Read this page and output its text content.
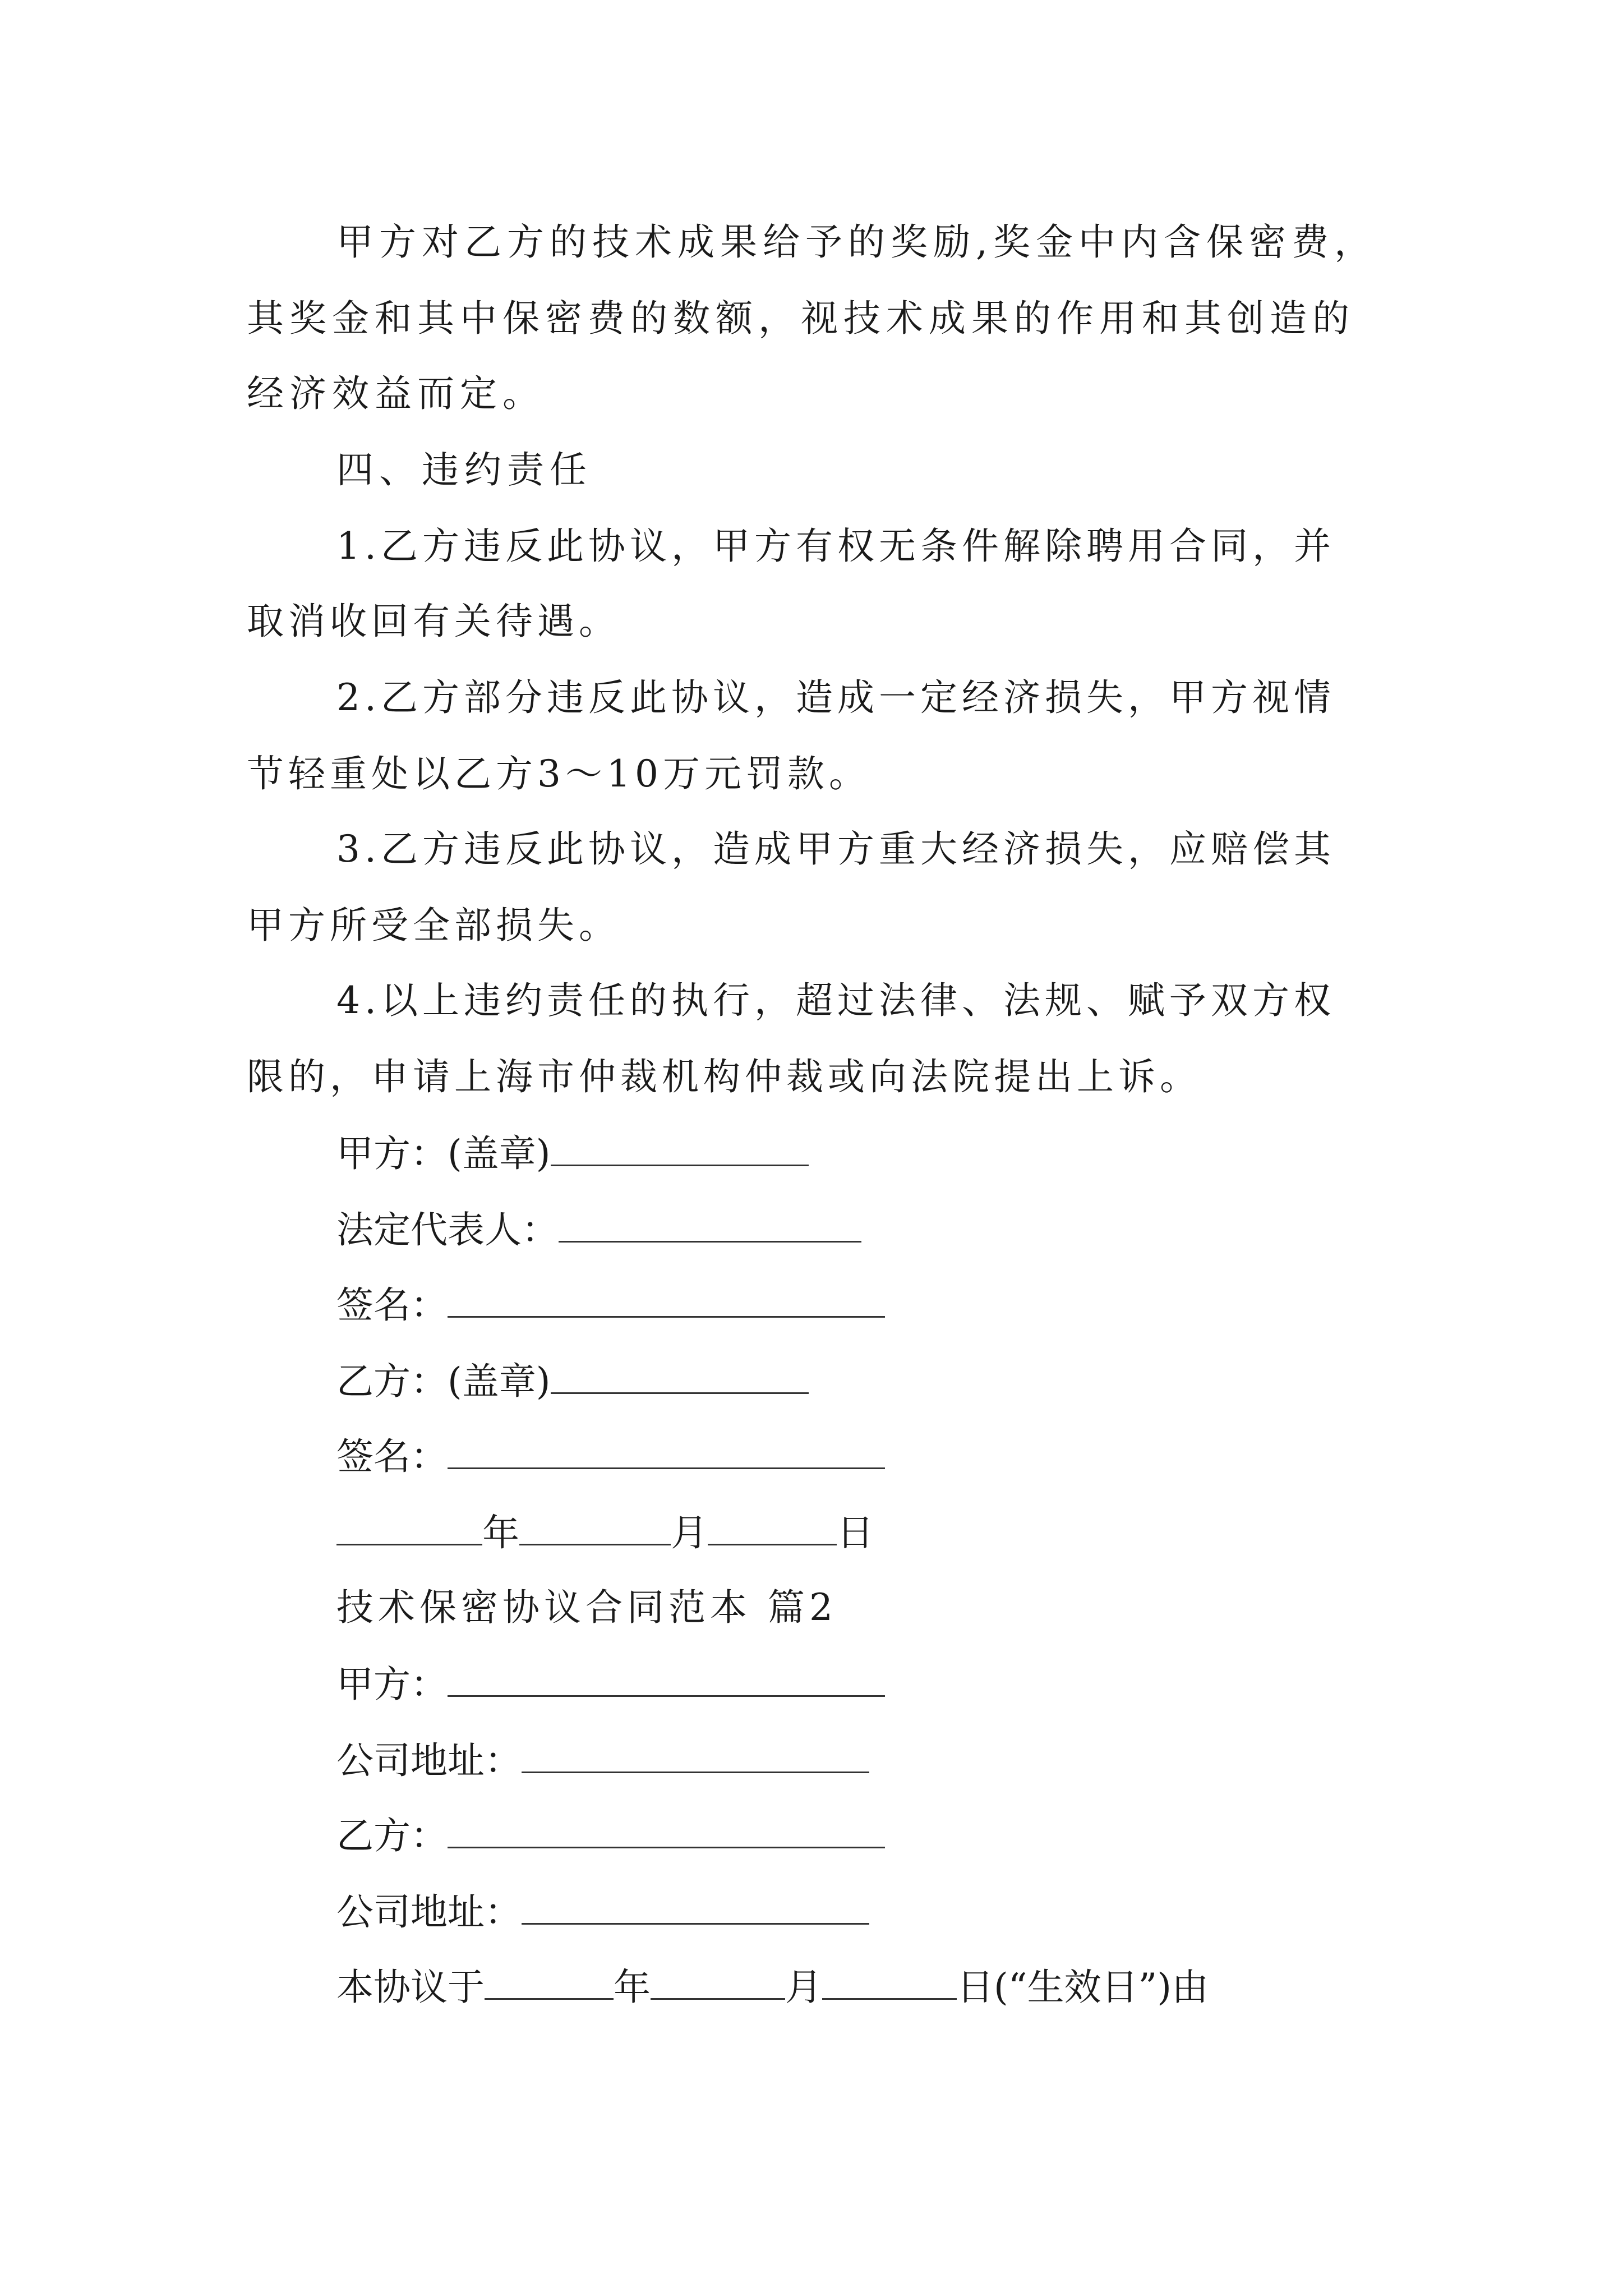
甲方对乙方的技术成果给予的奖励,奖金中内含保密费，
其奖金和其中保密费的数额，视技术成果的作用和其创造的
经济效益而定。
四、违约责任
1.乙方违反此协议，甲方有权无条件解除聘用合同，并
取消收回有关待遇。
2.乙方部分违反此协议，造成一定经济损失，甲方视情
节轻重处以乙方3～10万元罚款。
3.乙方违反此协议，造成甲方重大经济损失，应赔偿其
甲方所受全部损失。
4.以上违约责任的执行，超过法律、法规、赋予双方权
限的，申请上海市仲裁机构仲裁或向法院提出上诉。
甲方：(盖章)
法定代表人：
签名：
乙方：(盖章)
签名：
年	月	日
技术保密协议合同范本 篇2
甲方：
公司地址：
乙方：
公司地址：
本协议于	年	月	日(“生效日”)由
